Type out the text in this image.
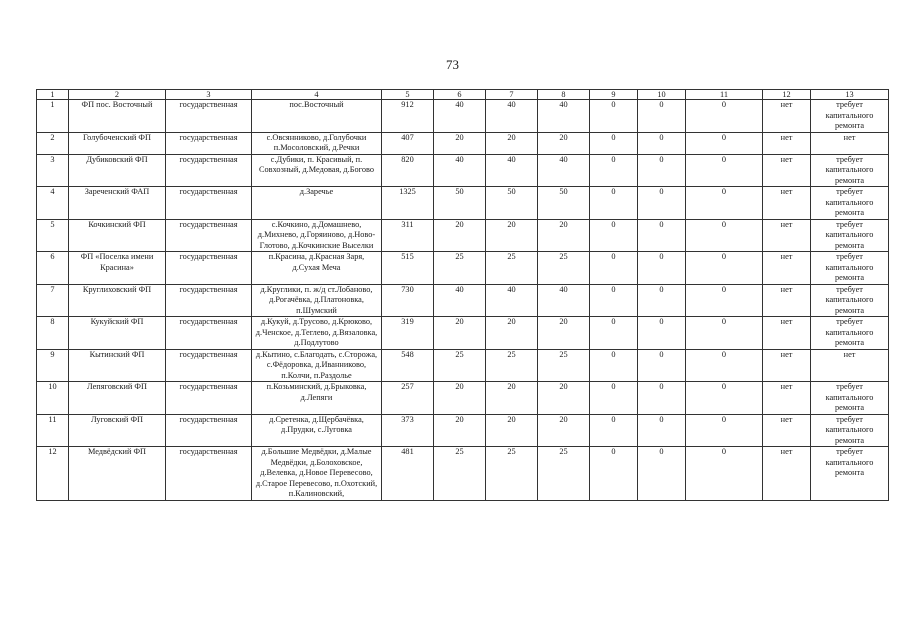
73
1	2	3	4	5	6	7	8	9	10	11	12	13
1	ФП пос. Восточный	государственная	пос.Восточный	912	40	40	40	0	0	0	нет	требует капитального ремонта
2	Голубоченский ФП	государственная	с.Овсянниково, д.Голубочки п.Мосоловский, д.Речки	407	20	20	20	0	0	0	нет	нет
3	Дубиковский ФП	государственная	с.Дубики, п. Красивый, п. Совхозный, д.Медовая, д.Богово	820	40	40	40	0	0	0	нет	требует капитального ремонта
4	Зареченский ФАП	государственная	д.Заречье	1325	50	50	50	0	0	0	нет	требует капитального ремонта
5	Кочкинский ФП	государственная	с.Кочкино, д.Домашнево, д.Михнево, д.Горяиново, д.Ново-Глотово, д.Кочкинские Выселки	311	20	20	20	0	0	0	нет	требует капитального ремонта
6	ФП «Поселка имени Красина»	государственная	п.Красина, д.Красная Заря, д.Сухая Меча	515	25	25	25	0	0	0	нет	требует капитального ремонта
7	Круглиховский ФП	государственная	д.Круглики, п. ж/д ст.Лобаново, д.Рогачёвка, д.Платоновка, п.Шумский	730	40	40	40	0	0	0	нет	требует капитального ремонта
8	Кукуйский ФП	государственная	д.Кукуй, д.Трусово, д.Крюково, д.Ченское, д.Теглево, д.Вязаловка, д.Подлутово	319	20	20	20	0	0	0	нет	требует капитального ремонта
9	Кытинский ФП	государственная	д.Кытино, с.Благодать, с.Сторожа, с.Фёдоровка, д.Иванниково, п.Колчи, п.Раздолье	548	25	25	25	0	0	0	нет	нет
10	Лепяговский ФП	государственная	п.Козьминский, д.Брыковка, д.Лепяги	257	20	20	20	0	0	0	нет	требует капитального ремонта
11	Луговский ФП	государственная	д.Сретенка, д.Щербачёвка, д.Прудки, с.Луговка	373	20	20	20	0	0	0	нет	требует капитального ремонта
12	Медвёдский ФП	государственная	д.Большие Медвёдки, д.Малые Медвёдки, д.Болоховское, д.Велевка, д.Новое Перевесово, д.Старое Перевесово, п.Охотский, п.Калиновский,	481	25	25	25	0	0	0	нет	требует капитального ремонта
